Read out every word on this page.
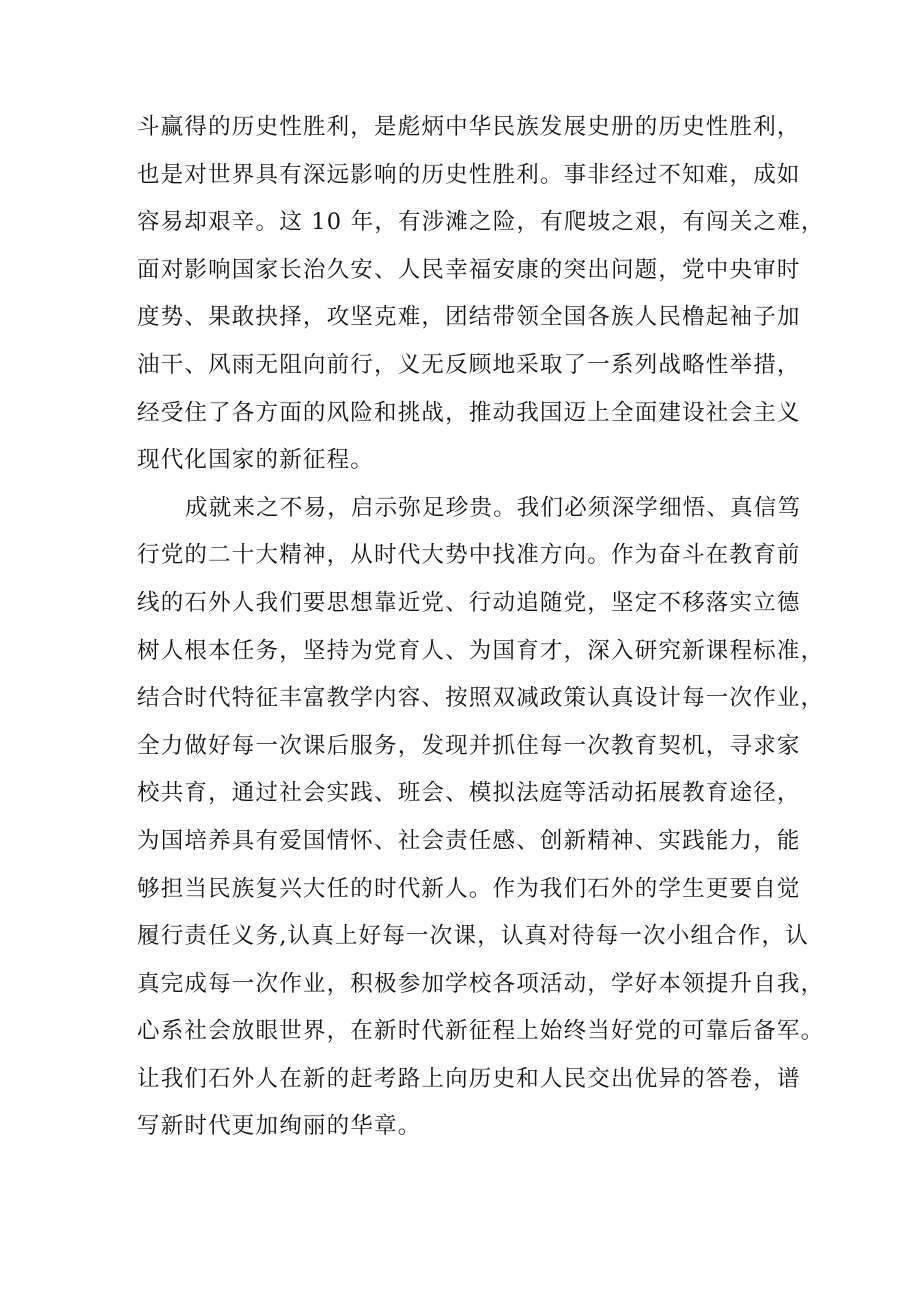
斗赢得的历史性胜利，是彪炳中华民族发展史册的历史性胜利，
也是对世界具有深远影响的历史性胜利。事非经过不知难，成如
容易却艰辛。这 10 年，有涉滩之险，有爬坡之艰，有闯关之难，
面对影响国家长治久安、人民幸福安康的突出问题，党中央审时
度势、果敢抉择，攻坚克难，团结带领全国各族人民橹起袖子加
油干、风雨无阻向前行，义无反顾地采取了一系列战略性举措，
经受住了各方面的风险和挑战，推动我国迈上全面建设社会主义
现代化国家的新征程。
成就来之不易，启示弥足珍贵。我们必须深学细悟、真信笃
行党的二十大精神，从时代大势中找准方向。作为奋斗在教育前
线的石外人我们要思想靠近党、行动追随党，坚定不移落实立德
树人根本任务，坚持为党育人、为国育才，深入研究新课程标准，
结合时代特征丰富教学内容、按照双减政策认真设计每一次作业，
全力做好每一次课后服务，发现并抓住每一次教育契机，寻求家
校共育，通过社会实践、班会、模拟法庭等活动拓展教育途径，
为国培养具有爱国情怀、社会责任感、创新精神、实践能力，能
够担当民族复兴大任的时代新人。作为我们石外的学生更要自觉
履行责任义务,认真上好每一次课，认真对待每一次小组合作，认
真完成每一次作业，积极参加学校各项活动，学好本领提升自我，
心系社会放眼世界，在新时代新征程上始终当好党的可靠后备军。
让我们石外人在新的赶考路上向历史和人民交出优异的答卷，谱
写新时代更加绚丽的华章。
